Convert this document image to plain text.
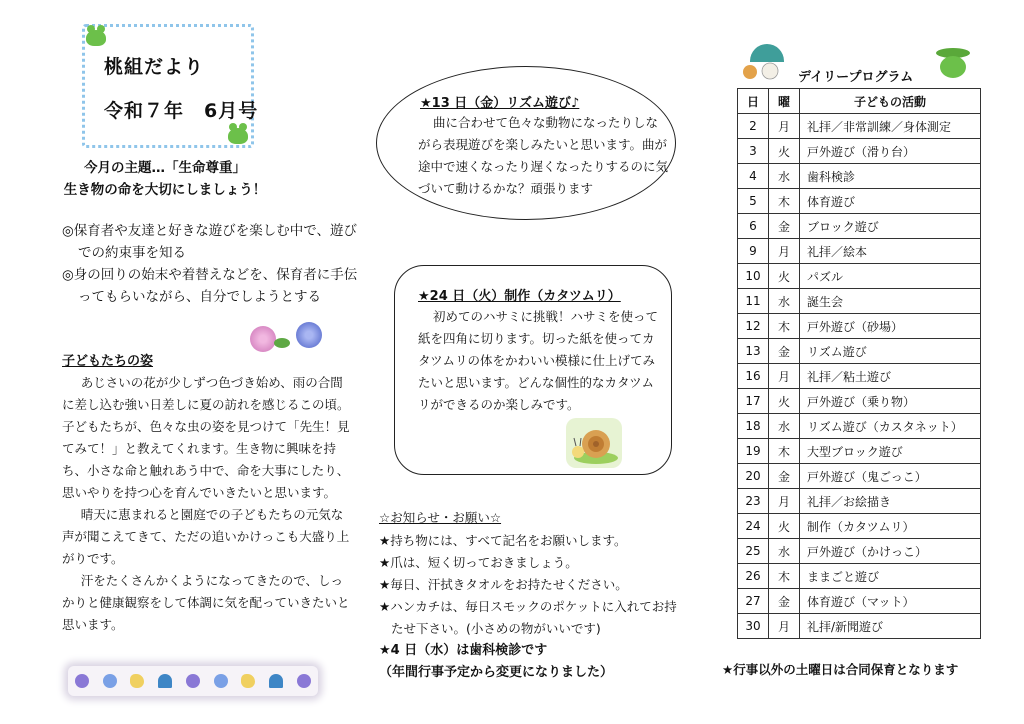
桃組だより
令和７年　6月号
今月の主題…「生命尊重」
生き物の命を大切にしましょう！
◎保育者や友達と好きな遊びを楽しむ中で、遊びでの約束事を知る
◎身の回りの始末や着替えなどを、保育者に手伝ってもらいながら、自分でしようとする
子どもたちの姿

あじさいの花が少しずつ色づき始め、雨の合間に差し込む強い日差しに夏の訪れを感じるこの頃。子どもたちが、色々な虫の姿を見つけて「先生！見てみて！」と教えてくれます。生き物に興味を持ち、小さな命と触れあう中で、命を大事にしたり、思いやりを持つ心を育んでいきたいと思います。

晴天に恵まれると園庭での子どもたちの元気な声が聞こえてきて、ただの追いかけっこも大盛り上がりです。

汗をたくさんかくようになってきたので、しっかりと健康観察をして体調に気を配っていきたいと思います。

★13 日（金）リズム遊び♪

曲に合わせて色々な動物になったりしながら表現遊びを楽しみたいと思います。曲が途中で速くなったり遅くなったりするのに気づいて動けるかな？頑張ります

★24 日（火）制作（カタツムリ）

初めてのハサミに挑戦！ハサミを使って紙を四角に切ります。切った紙を使ってカタツムリの体をかわいい模様に仕上げてみたいと思います。どんな個性的なカタツムリができるのか楽しみです。

☆お知らせ・お願い☆
★持ち物には、すべて記名をお願いします。
★爪は、短く切っておきましょう。
★毎日、汗拭きタオルをお持たせください。
★ハンカチは、毎日スモックのポケットに入れてお持たせ下さい。(小さめの物がいいです)
★4 日（水）は歯科検診です
（年間行事予定から変更になりました）
デイリープログラム
日	曜	子どもの活動
2	月	礼拝／非常訓練／身体測定
3	火	戸外遊び（滑り台）
4	水	歯科検診
5	木	体育遊び
6	金	ブロック遊び
9	月	礼拝／絵本
10	火	パズル
11	水	誕生会
12	木	戸外遊び（砂場）
13	金	リズム遊び
16	月	礼拝／粘土遊び
17	火	戸外遊び（乗り物）
18	水	リズム遊び（カスタネット）
19	木	大型ブロック遊び
20	金	戸外遊び（鬼ごっこ）
23	月	礼拝／お絵描き
24	火	制作（カタツムリ）
25	水	戸外遊び（かけっこ）
26	木	ままごと遊び
27	金	体育遊び（マット）
30	月	礼拝/新聞遊び
★行事以外の土曜日は合同保育となります
